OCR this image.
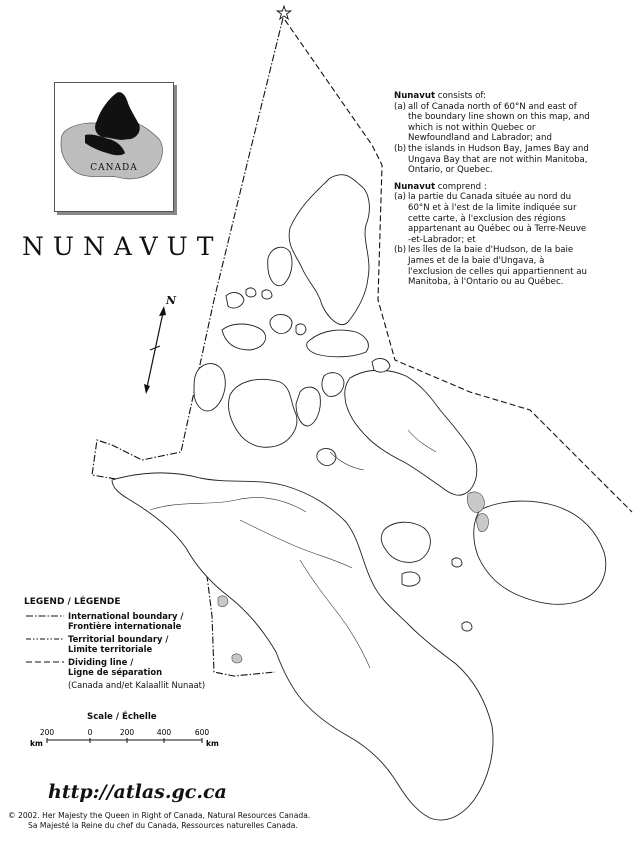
CANADA
NUNAVUT
N

Nunavut consists of:

(a) all of Canada north of 60°N and east of the boundary line shown on this map, and which is not within Quebec or Newfoundland and Labrador; and
(b) the islands in Hudson Bay, James Bay and Ungava Bay that are not within Manitoba, Ontario, or Quebec.

Nunavut comprend :

(a) la partie du Canada située au nord du 60°N et à l'est de la limite indiquée sur cette carte, à l'exclusion des régions appartenant au Québec ou à Terre-Neuve -et-Labrador; et
(b) les îles de la baie d'Hudson, de la baie James et de la baie d'Ungava, à l'exclusion de celles qui appartiennent au Manitoba, à l'Ontario ou au Québec.
LEGEND / LÉGENDE
International boundary /
Frontière internationale
Territorial boundary /
Limite territoriale
Dividing line /
Ligne de séparation
(Canada and/et Kalaallit Nunaat)
Scale / Échelle
200	0	200	400	600
km	km
http://atlas.gc.ca
© 2002. Her Majesty the Queen in Right of Canada, Natural Resources Canada.
Sa Majesté la Reine du chef du Canada, Ressources naturelles Canada.
